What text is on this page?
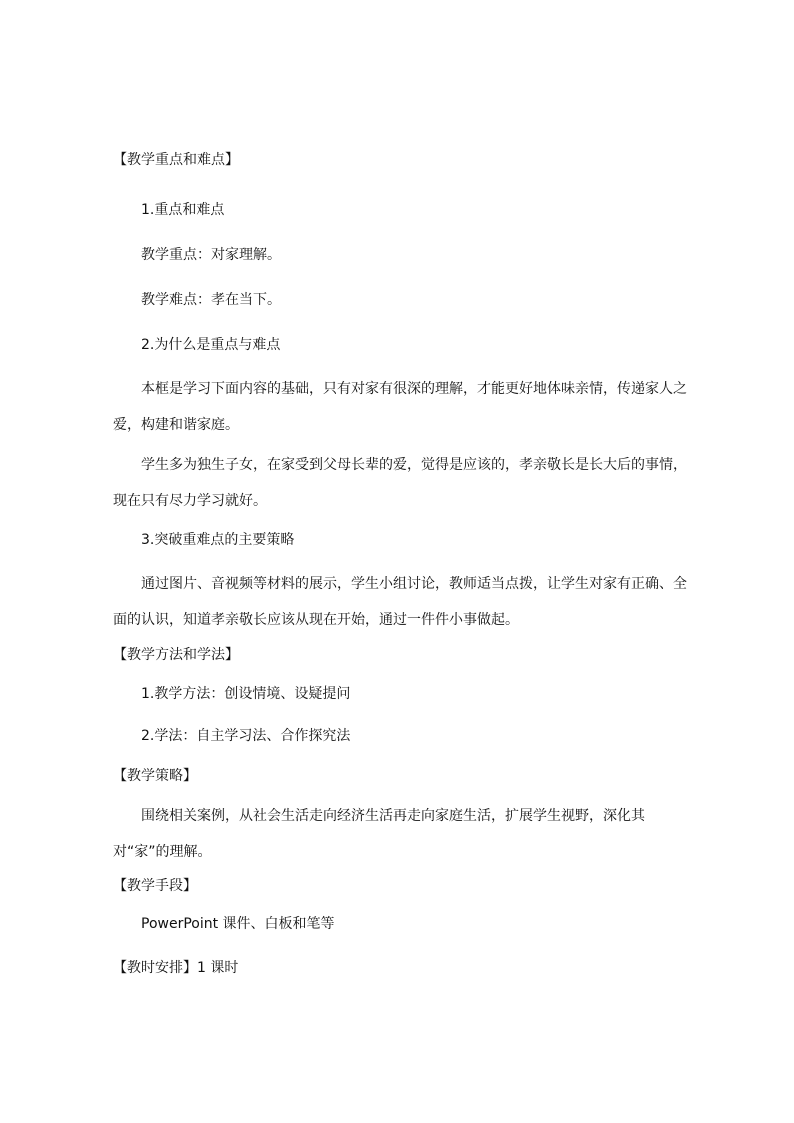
【教学重点和难点】
1.重点和难点
教学重点：对家理解。
教学难点：孝在当下。
2.为什么是重点与难点
本框是学习下面内容的基础，只有对家有很深的理解，才能更好地体味亲情，传递家人之爱，构建和谐家庭。
学生多为独生子女，在家受到父母长辈的爱，觉得是应该的，孝亲敬长是长大后的事情，现在只有尽力学习就好。
3.突破重难点的主要策略
通过图片、音视频等材料的展示，学生小组讨论，教师适当点拨，让学生对家有正确、全面的认识，知道孝亲敬长应该从现在开始，通过一件件小事做起。
【教学方法和学法】
1.教学方法：创设情境、设疑提问
2.学法：自主学习法、合作探究法
【教学策略】
围绕相关案例，从社会生活走向经济生活再走向家庭生活，扩展学生视野，深化其对“家”的理解。
【教学手段】
PowerPoint 课件、白板和笔等
【教时安排】1 课时
